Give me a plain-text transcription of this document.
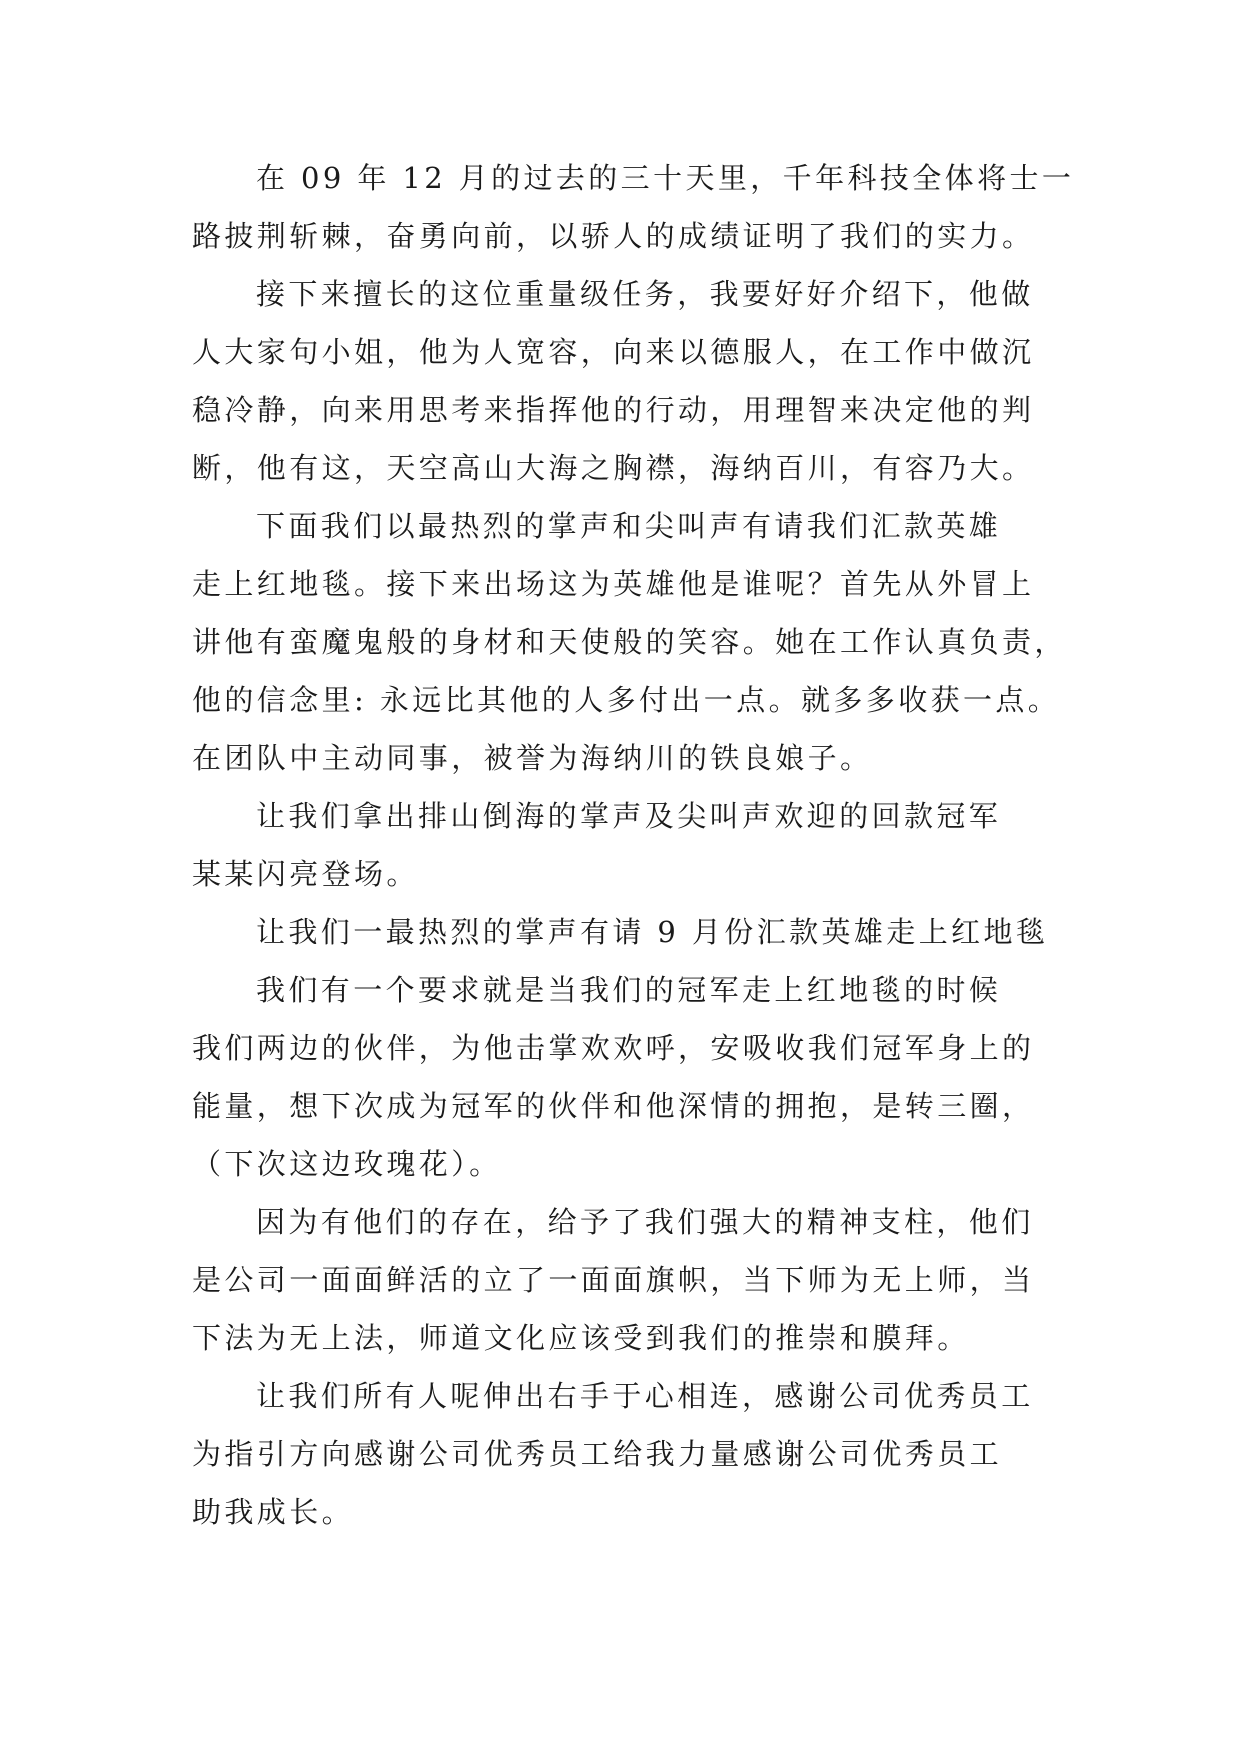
在 09 年 12 月的过去的三十天里，千年科技全体将士一
路披荆斩棘，奋勇向前，以骄人的成绩证明了我们的实力。
接下来擅长的这位重量级任务，我要好好介绍下，他做
人大家句小姐，他为人宽容，向来以德服人，在工作中做沉
稳冷静，向来用思考来指挥他的行动，用理智来决定他的判
断，他有这，天空高山大海之胸襟，海纳百川，有容乃大。
下面我们以最热烈的掌声和尖叫声有请我们汇款英雄
走上红地毯。接下来出场这为英雄他是谁呢？首先从外冒上
讲他有蛮魔鬼般的身材和天使般的笑容。她在工作认真负责，
他的信念里: 永远比其他的人多付出一点。就多多收获一点。
在团队中主动同事，被誉为海纳川的铁良娘子。
让我们拿出排山倒海的掌声及尖叫声欢迎的回款冠军
某某闪亮登场。
让我们一最热烈的掌声有请 9 月份汇款英雄走上红地毯
我们有一个要求就是当我们的冠军走上红地毯的时候
我们两边的伙伴，为他击掌欢欢呼，安吸收我们冠军身上的
能量，想下次成为冠军的伙伴和他深情的拥抱，是转三圈，
（下次这边玫瑰花）。
因为有他们的存在，给予了我们强大的精神支柱，他们
是公司一面面鲜活的立了一面面旗帜，当下师为无上师，当
下法为无上法，师道文化应该受到我们的推崇和膜拜。
让我们所有人呢伸出右手于心相连，感谢公司优秀员工
为指引方向感谢公司优秀员工给我力量感谢公司优秀员工
助我成长。
